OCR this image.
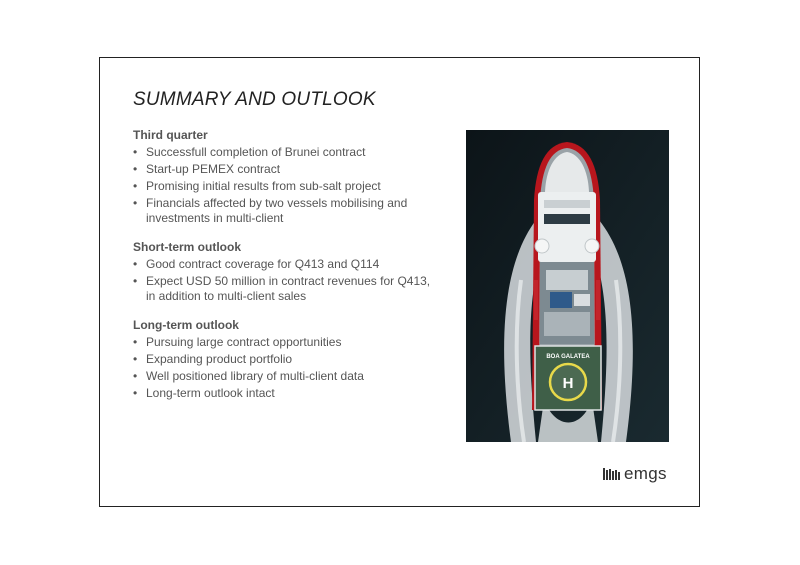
SUMMARY AND OUTLOOK
Third quarter
• Successfull completion of Brunei contract
• Start-up PEMEX contract
• Promising initial results from sub-salt project
• Financials affected by two vessels mobilising and investments in multi-client
Short-term outlook
• Good contract coverage for Q413 and Q114
• Expect USD 50 million in contract revenues for Q413, in addition to multi-client sales
Long-term outlook
• Pursuing large contract opportunities
• Expanding product portfolio
• Well positioned library of multi-client data
• Long-term outlook intact
BOA GALATEA
H
emgs
